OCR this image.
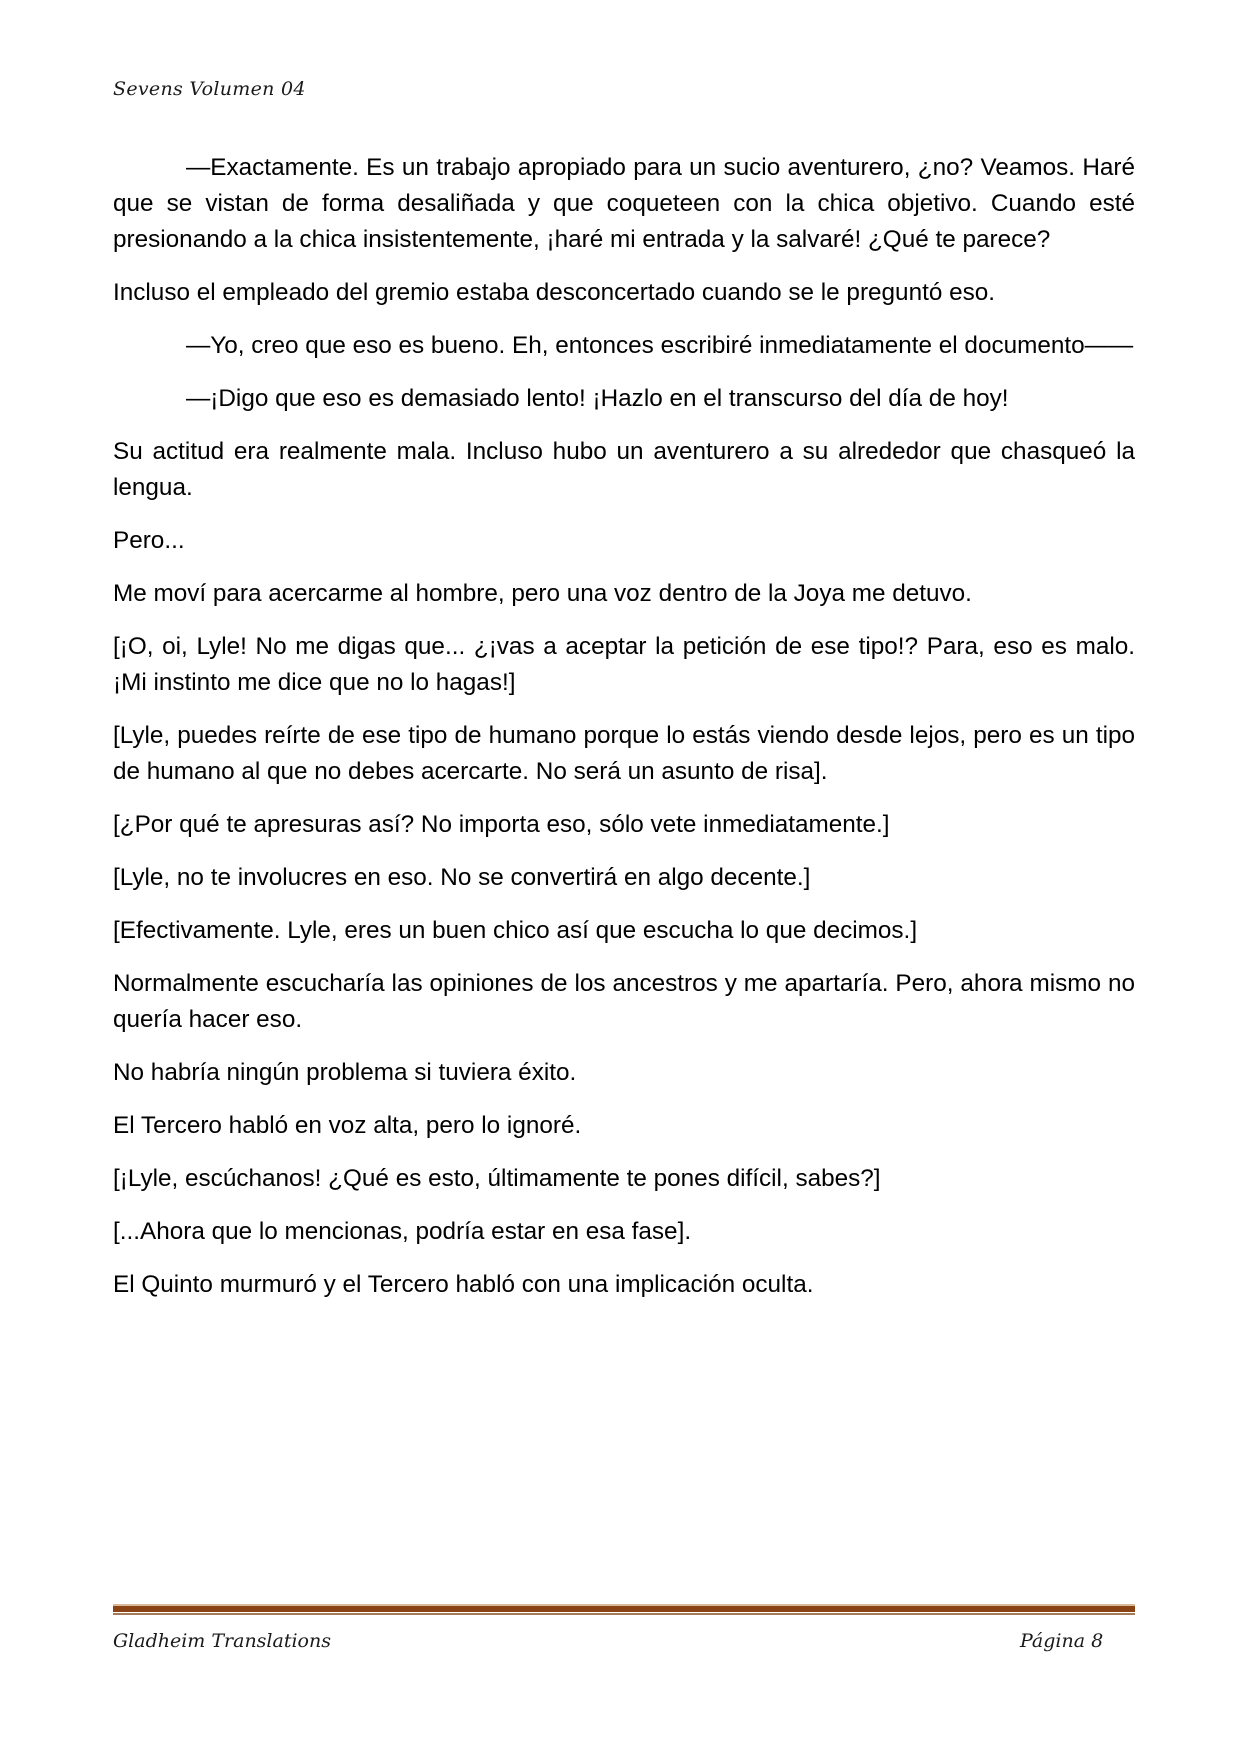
Sevens Volumen 04

—Exactamente. Es un trabajo apropiado para un sucio aventurero, ¿no? Veamos. Haré que se vistan de forma desaliñada y que coqueteen con la chica objetivo. Cuando esté presionando a la chica insistentemente, ¡haré mi entrada y la salvaré! ¿Qué te parece?

Incluso el empleado del gremio estaba desconcertado cuando se le preguntó eso.

—Yo, creo que eso es bueno. Eh, entonces escribiré inmediatamente el documento——

—¡Digo que eso es demasiado lento! ¡Hazlo en el transcurso del día de hoy!

Su actitud era realmente mala. Incluso hubo un aventurero a su alrededor que chasqueó la lengua.

Pero...

Me moví para acercarme al hombre, pero una voz dentro de la Joya me detuvo.

[¡O, oi, Lyle! No me digas que... ¿¡vas a aceptar la petición de ese tipo!? Para, eso es malo. ¡Mi instinto me dice que no lo hagas!]

[Lyle, puedes reírte de ese tipo de humano porque lo estás viendo desde lejos, pero es un tipo de humano al que no debes acercarte. No será un asunto de risa].

[¿Por qué te apresuras así? No importa eso, sólo vete inmediatamente.]

[Lyle, no te involucres en eso. No se convertirá en algo decente.]

[Efectivamente. Lyle, eres un buen chico así que escucha lo que decimos.]

Normalmente escucharía las opiniones de los ancestros y me apartaría. Pero, ahora mismo no quería hacer eso.

No habría ningún problema si tuviera éxito.

El Tercero habló en voz alta, pero lo ignoré.

[¡Lyle, escúchanos! ¿Qué es esto, últimamente te pones difícil, sabes?]

[...Ahora que lo mencionas, podría estar en esa fase].

El Quinto murmuró y el Tercero habló con una implicación oculta.

Gladheim Translations	Página 8
